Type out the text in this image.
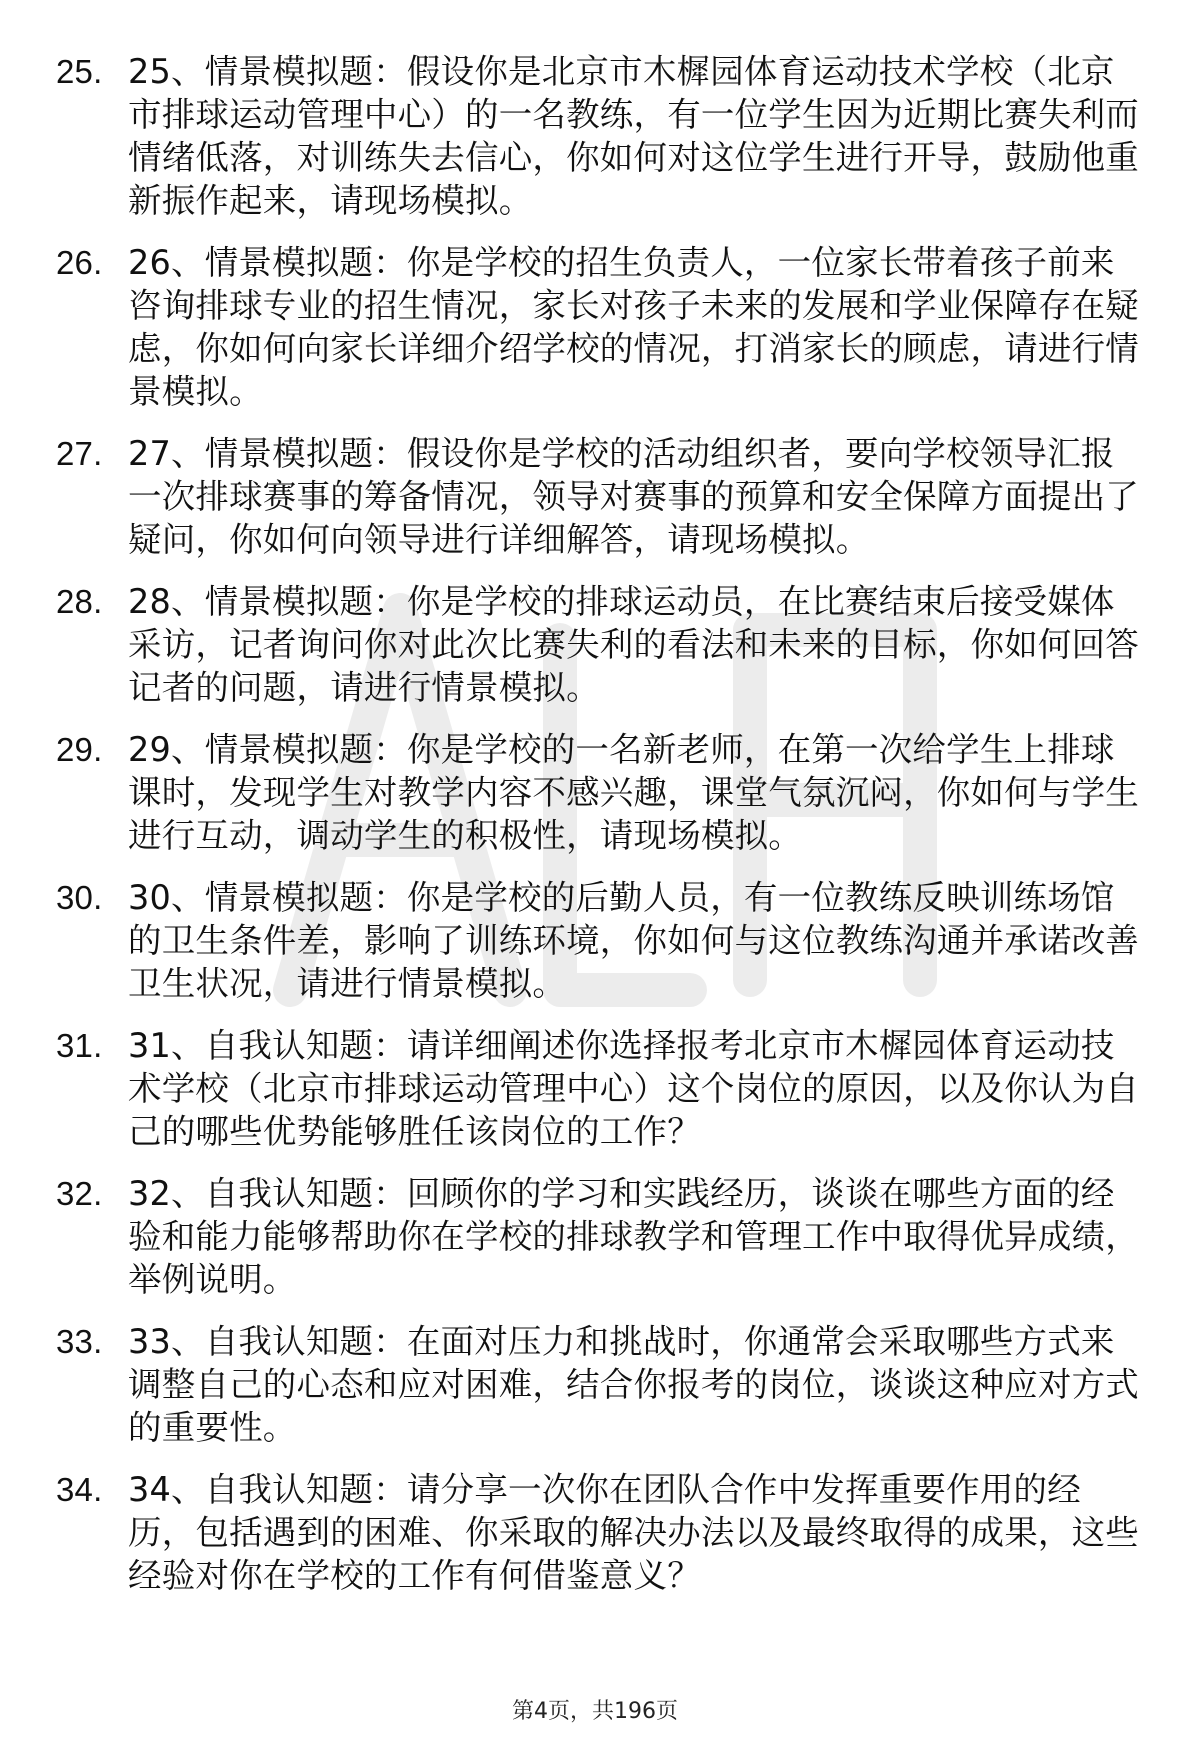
25. 25、情景模拟题：假设你是北京市木樨园体育运动技术学校（北京市排球运动管理中心）的一名教练，有一位学生因为近期比赛失利而情绪低落，对训练失去信心，你如何对这位学生进行开导，鼓励他重新振作起来，请现场模拟。
26. 26、情景模拟题：你是学校的招生负责人，一位家长带着孩子前来咨询排球专业的招生情况，家长对孩子未来的发展和学业保障存在疑虑，你如何向家长详细介绍学校的情况，打消家长的顾虑，请进行情景模拟。
27. 27、情景模拟题：假设你是学校的活动组织者，要向学校领导汇报一次排球赛事的筹备情况，领导对赛事的预算和安全保障方面提出了疑问，你如何向领导进行详细解答，请现场模拟。
28. 28、情景模拟题：你是学校的排球运动员，在比赛结束后接受媒体采访，记者询问你对此次比赛失利的看法和未来的目标，你如何回答记者的问题，请进行情景模拟。
29. 29、情景模拟题：你是学校的一名新老师，在第一次给学生上排球课时，发现学生对教学内容不感兴趣，课堂气氛沉闷，你如何与学生进行互动，调动学生的积极性，请现场模拟。
30. 30、情景模拟题：你是学校的后勤人员，有一位教练反映训练场馆的卫生条件差，影响了训练环境，你如何与这位教练沟通并承诺改善卫生状况，请进行情景模拟。
31. 31、自我认知题：请详细阐述你选择报考北京市木樨园体育运动技术学校（北京市排球运动管理中心）这个岗位的原因，以及你认为自己的哪些优势能够胜任该岗位的工作？
32. 32、自我认知题：回顾你的学习和实践经历，谈谈在哪些方面的经验和能力能够帮助你在学校的排球教学和管理工作中取得优异成绩，举例说明。
33. 33、自我认知题：在面对压力和挑战时，你通常会采取哪些方式来调整自己的心态和应对困难，结合你报考的岗位，谈谈这种应对方式的重要性。
34. 34、自我认知题：请分享一次你在团队合作中发挥重要作用的经历，包括遇到的困难、你采取的解决办法以及最终取得的成果，这些经验对你在学校的工作有何借鉴意义？
第4页，共196页
